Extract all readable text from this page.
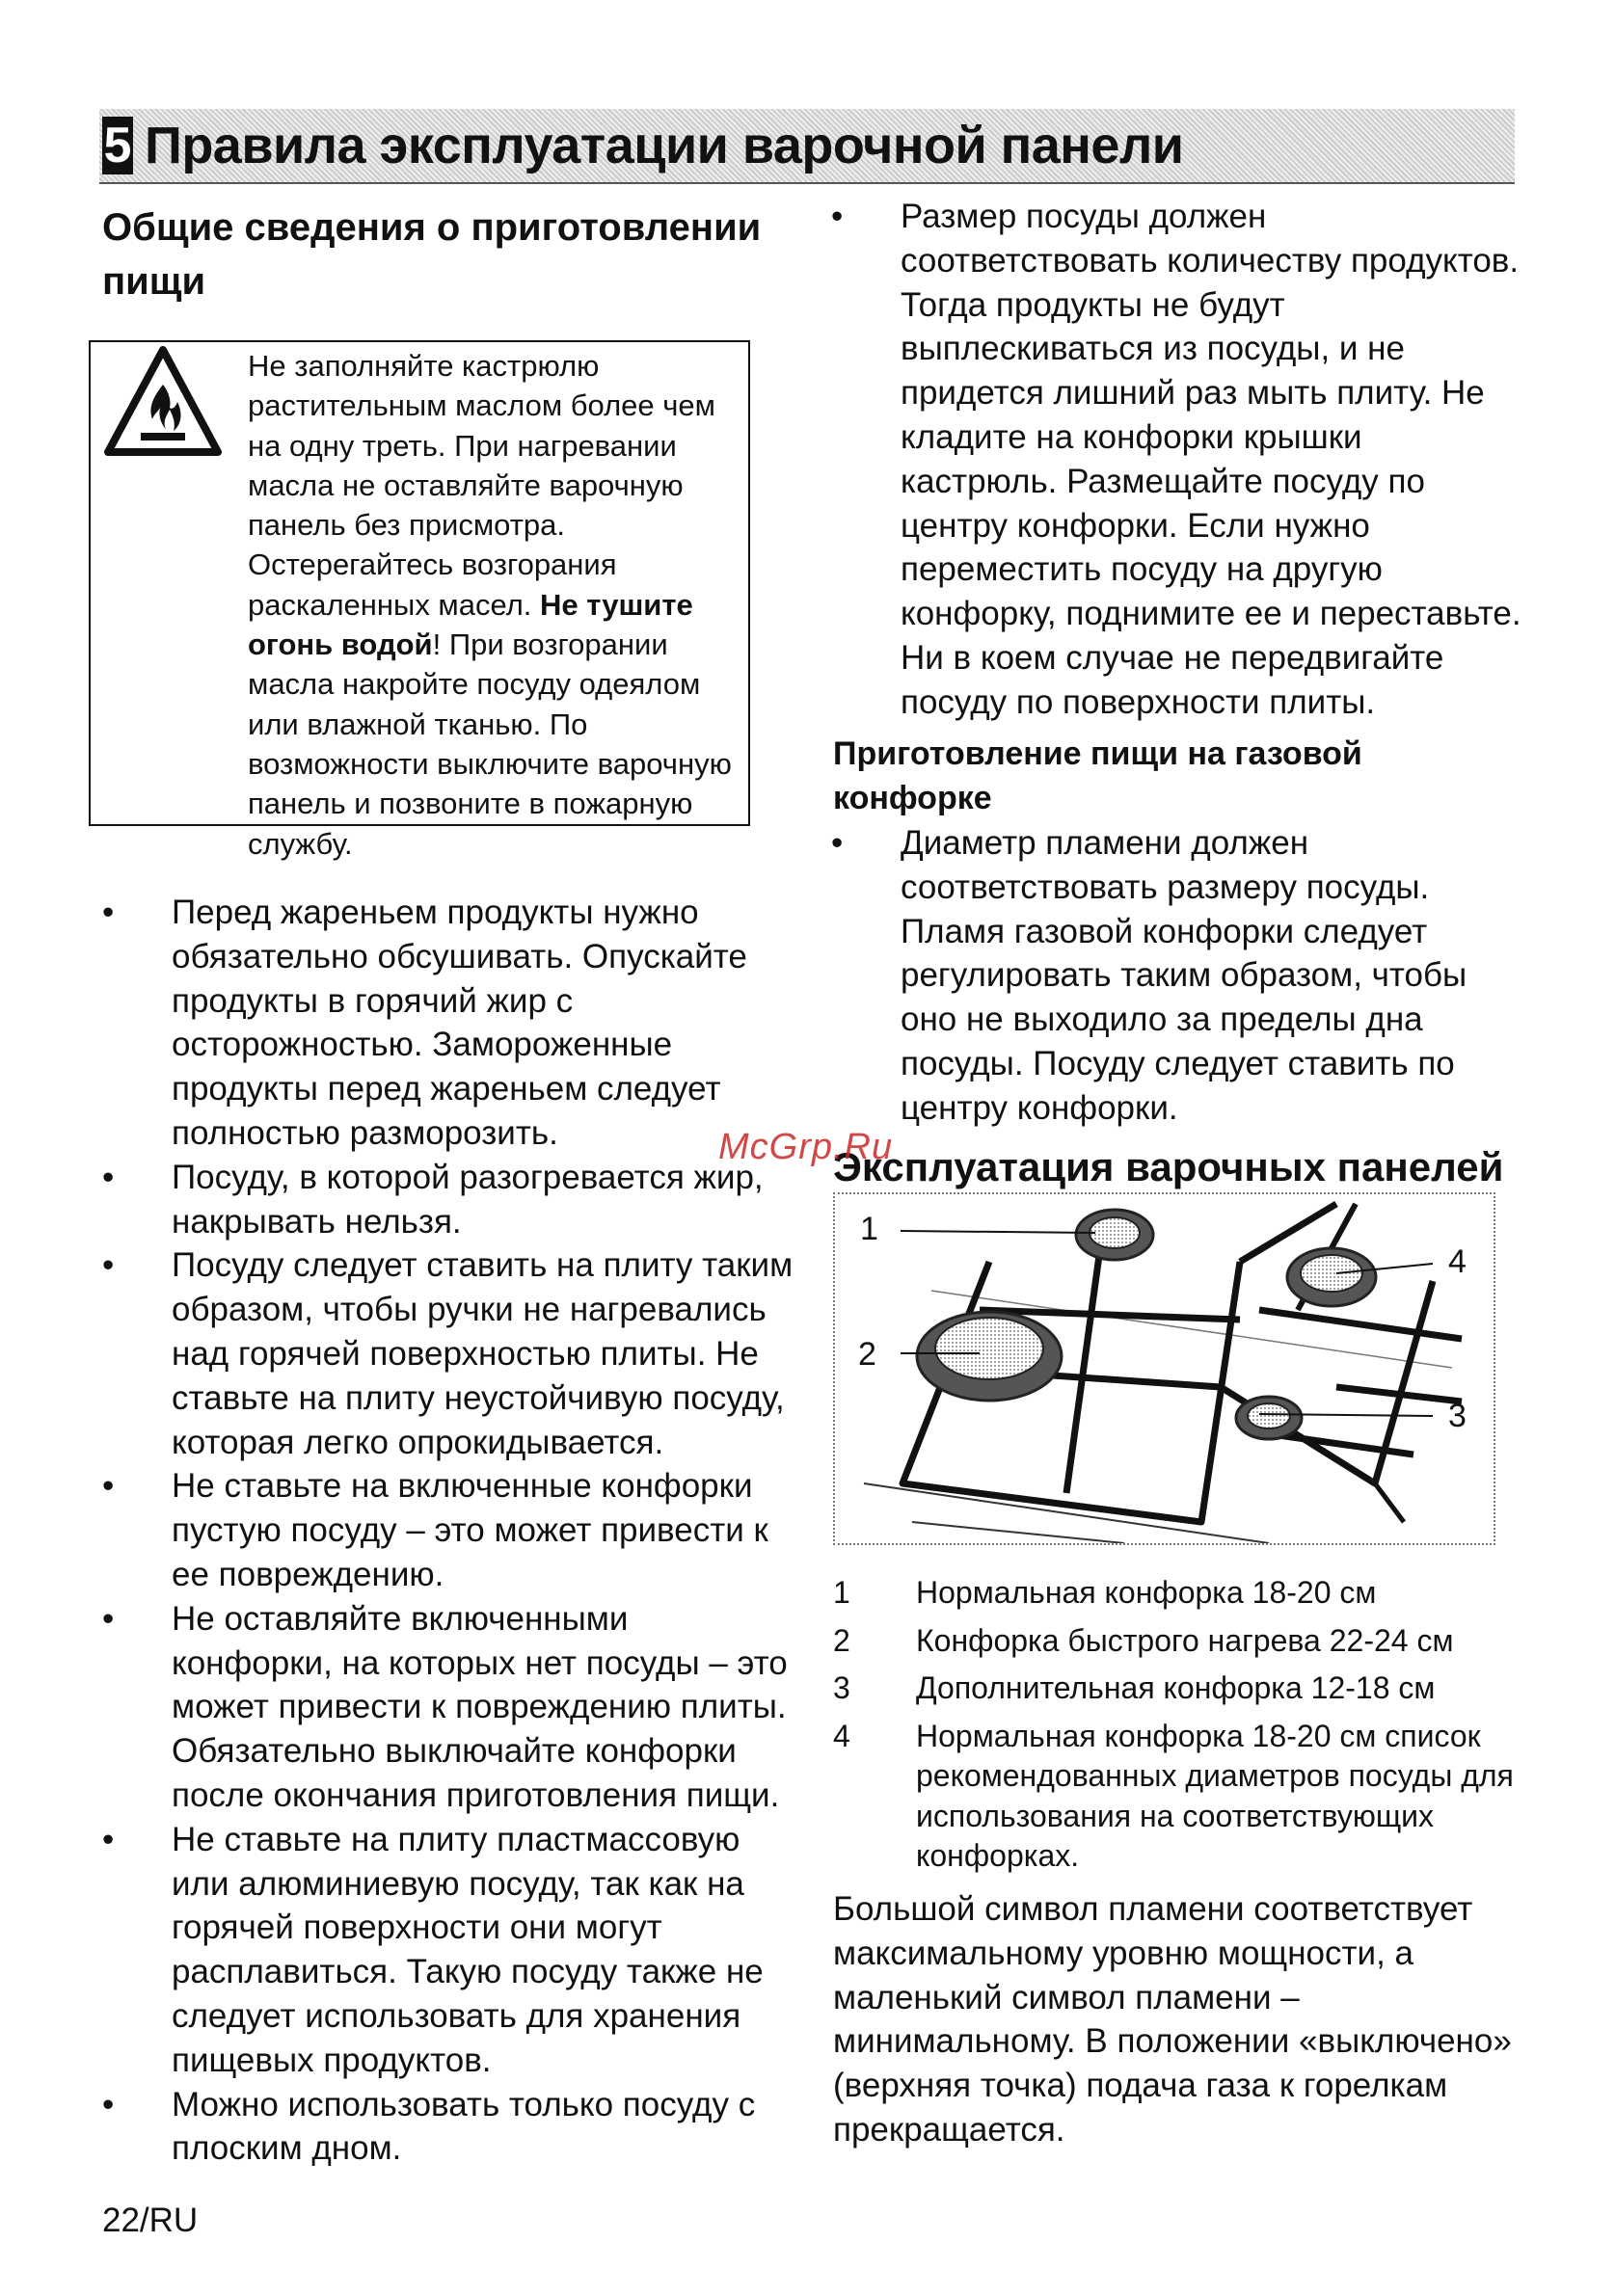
5 Правила эксплуатации варочной панели
Общие сведения о приготовлении пищи
Не заполняйте кастрюлю растительным маслом более чем на одну треть. При нагревании масла не оставляйте варочную панель без присмотра. Остерегайтесь возгорания раскаленных масел. Не тушите огонь водой! При возгорании масла накройте посуду одеялом или влажной тканью. По возможности выключите варочную панель и позвоните в пожарную службу.
• Перед жареньем продукты нужно обязательно обсушивать. Опускайте продукты в горячий жир с осторожностью. Замороженные продукты перед жареньем следует полностью разморозить.
• Посуду, в которой разогревается жир, накрывать нельзя.
• Посуду следует ставить на плиту таким образом, чтобы ручки не нагревались над горячей поверхностью плиты. Не ставьте на плиту неустойчивую посуду, которая легко опрокидывается.
• Не ставьте на включенные конфорки пустую посуду – это может привести к ее повреждению.
• Не оставляйте включенными конфорки, на которых нет посуды – это может привести к повреждению плиты. Обязательно выключайте конфорки после окончания приготовления пищи.
• Не ставьте на плиту пластмассовую или алюминиевую посуду, так как на горячей поверхности они могут расплавиться. Такую посуду также не следует использовать для хранения пищевых продуктов.
• Можно использовать только посуду с плоским дном.
• Размер посуды должен соответствовать количеству продуктов. Тогда продукты не будут выплескиваться из посуды, и не придется лишний раз мыть плиту. Не кладите на конфорки крышки кастрюль. Размещайте посуду по центру конфорки. Если нужно переместить посуду на другую конфорку, поднимите ее и переставьте. Ни в коем случае не передвигайте посуду по поверхности плиты.
Приготовление пищи на газовой конфорке
• Диаметр пламени должен соответствовать размеру посуды. Пламя газовой конфорки следует регулировать таким образом, чтобы оно не выходило за пределы дна посуды. Посуду следует ставить по центру конфорки.
Эксплуатация варочных панелей
McGrp.Ru
1
2
3
4
1 Нормальная конфорка 18-20 см
2 Конфорка быстрого нагрева 22-24 см
3 Дополнительная конфорка 12-18 см
4 Нормальная конфорка 18-20 см список рекомендованных диаметров посуды для использования на соответствующих конфорках.
Большой символ пламени соответствует максимальному уровню мощности, а маленький символ пламени – минимальному. В положении «выключено» (верхняя точка) подача газа к горелкам прекращается.
22/RU
